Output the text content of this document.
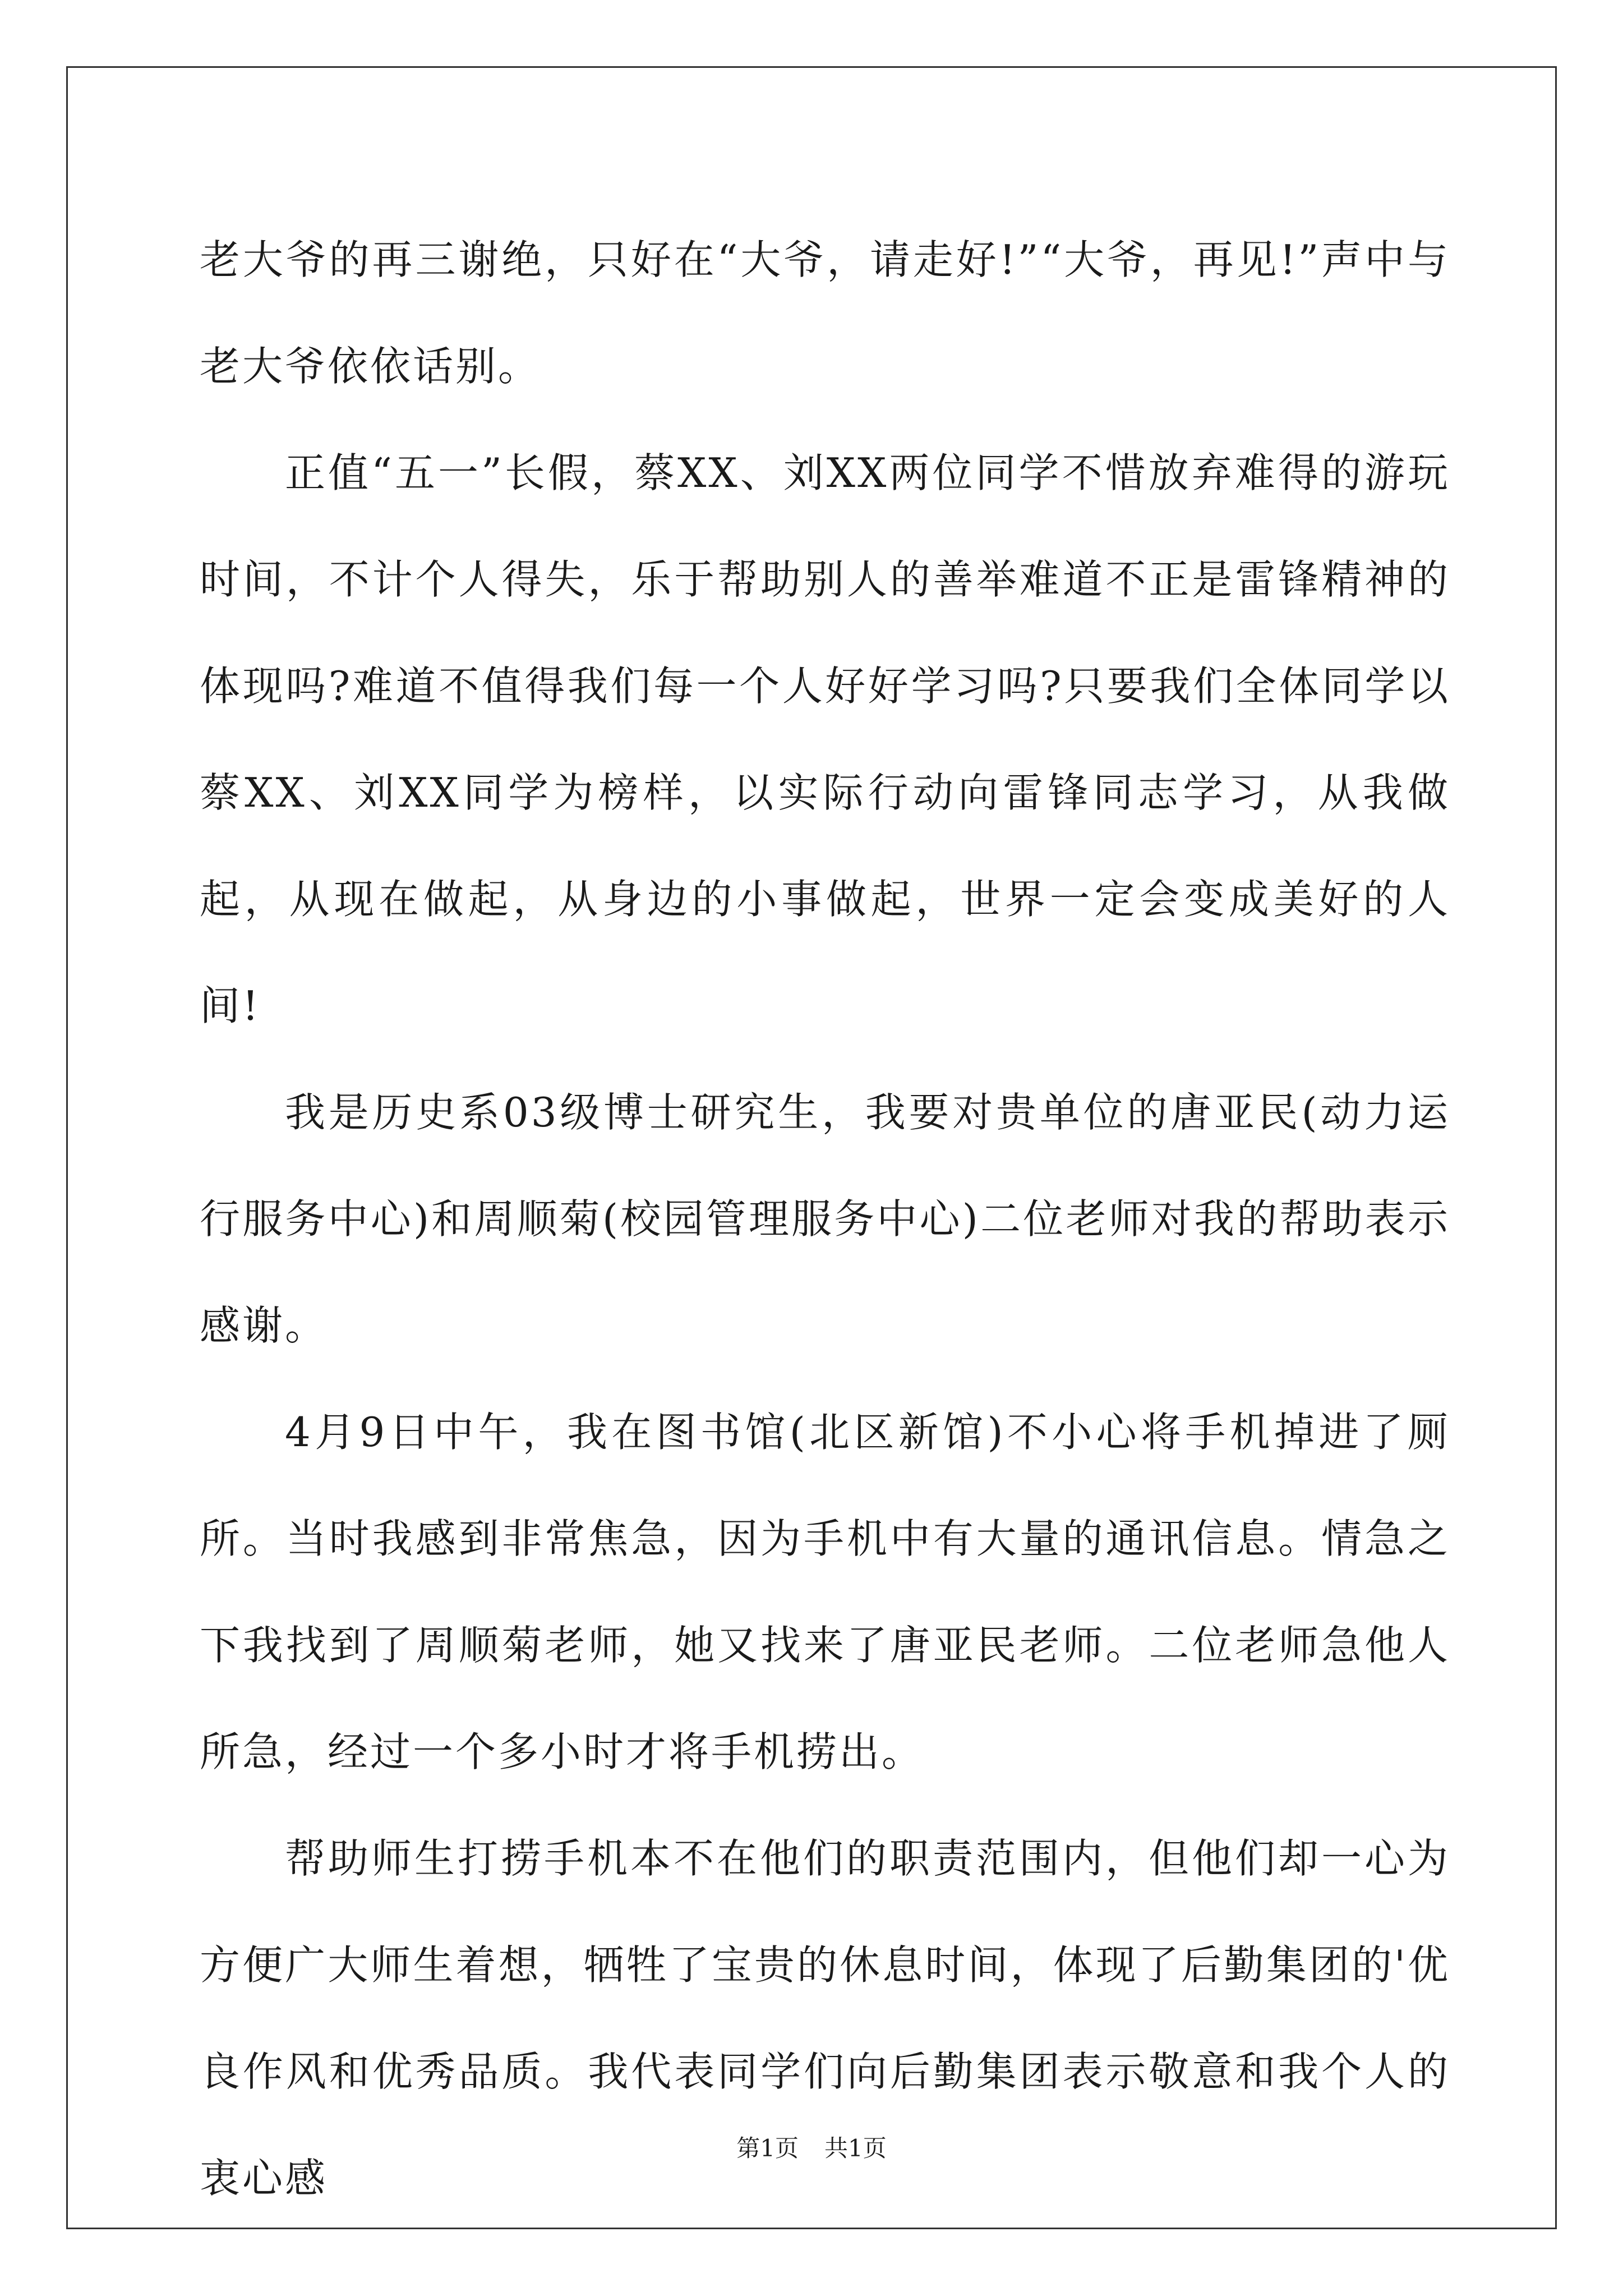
老大爷的再三谢绝，只好在“大爷，请走好!”“大爷，再见!”声中与老大爷依依话别。

正值“五一”长假，蔡XX、刘XX两位同学不惜放弃难得的游玩时间，不计个人得失，乐于帮助别人的善举难道不正是雷锋精神的体现吗?难道不值得我们每一个人好好学习吗?只要我们全体同学以蔡XX、刘XX同学为榜样，以实际行动向雷锋同志学习，从我做起，从现在做起，从身边的小事做起，世界一定会变成美好的人间!

我是历史系03级博士研究生，我要对贵单位的唐亚民(动力运行服务中心)和周顺菊(校园管理服务中心)二位老师对我的帮助表示感谢。

4月9日中午，我在图书馆(北区新馆)不小心将手机掉进了厕所。当时我感到非常焦急，因为手机中有大量的通讯信息。情急之下我找到了周顺菊老师，她又找来了唐亚民老师。二位老师急他人所急，经过一个多小时才将手机捞出。

帮助师生打捞手机本不在他们的职责范围内，但他们却一心为方便广大师生着想，牺牲了宝贵的休息时间，体现了后勤集团的'优良作风和优秀品质。我代表同学们向后勤集团表示敬意和我个人的衷心感

第1页 共1页
